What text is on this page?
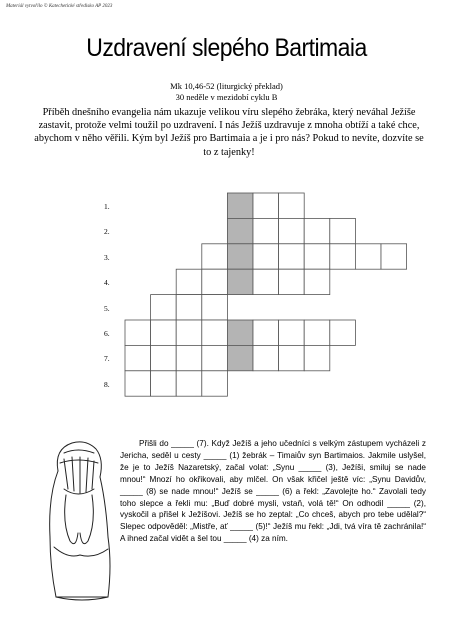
Materiál vytvořilo © Katechetické středisko AP 2023
Uzdravení slepého Bartimaia
Mk 10,46-52 (liturgický překlad)
30 neděle v mezidobí cyklu B
Příběh dnešního evangelia nám ukazuje velikou víru slepého žebráka, který neváhal Ježíše zastavit, protože velmi toužil po uzdravení. I nás Ježíš uzdravuje z mnoha obtíží a také chce, abychom v něho věřili. Kým byl Ježíš pro Bartimaia a je i pro nás? Pokud to nevíte, dozvíte se to z tajenky!
1.
2.
3.
4.
5.
6.
7.
8.

Přišli do _____ (7). Když Ježíš a jeho učedníci s velkým zástupem vycházeli z Jericha, seděl u cesty _____ (1) žebrák – Timaiův syn Bartimaios. Jakmile uslyšel, že je to Ježíš Nazaretský, začal volat: „Synu _____ (3), Ježíši, smiluj se nade mnou!“ Mnozí ho okřikovali, aby mlčel. On však křičel ještě víc: „Synu Davidův, _____ (8) se nade mnou!“ Ježíš se _____ (6) a řekl: „Zavolejte ho.“ Zavolali tedy toho slepce a řekli mu: „Buď dobré mysli, vstaň, volá tě!“ On odhodil _____ (2), vyskočil a přišel k Ježíšovi. Ježíš se ho zeptal: „Co chceš, abych pro tebe udělal?“ Slepec odpověděl: „Mistře, ať _____ (5)!“ Ježíš mu řekl: „Jdi, tvá víra tě zachránila!“ A ihned začal vidět a šel tou _____ (4) za ním.
